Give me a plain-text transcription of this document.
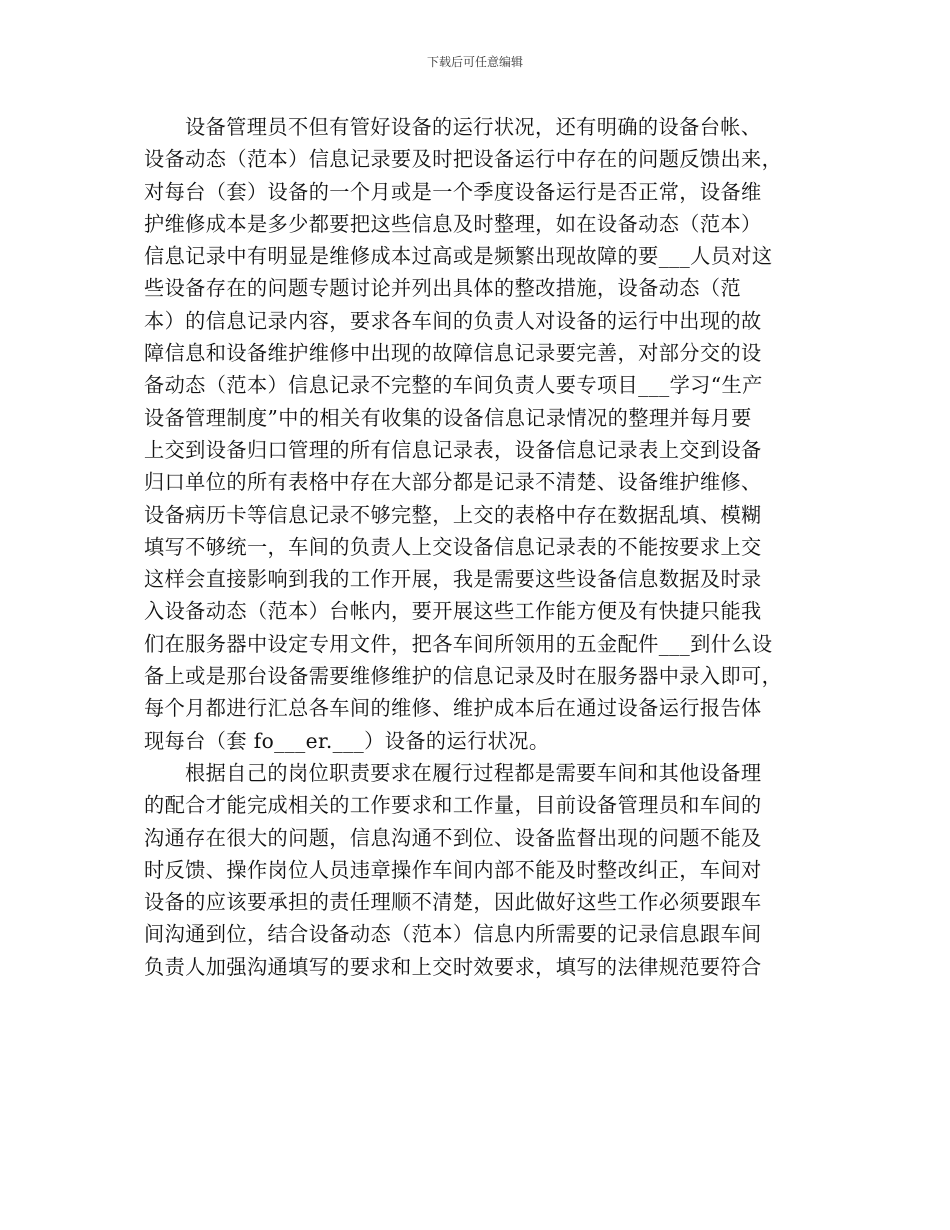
下载后可任意编辑
设备管理员不但有管好设备的运行状况，还有明确的设备台帐、
设备动态（范本）信息记录要及时把设备运行中存在的问题反馈出来，
对每台（套）设备的一个月或是一个季度设备运行是否正常，设备维
护维修成本是多少都要把这些信息及时整理，如在设备动态（范本）
信息记录中有明显是维修成本过高或是频繁出现故障的要___人员对这
些设备存在的问题专题讨论并列出具体的整改措施，设备动态（范
本）的信息记录内容，要求各车间的负责人对设备的运行中出现的故
障信息和设备维护维修中出现的故障信息记录要完善，对部分交的设
备动态（范本）信息记录不完整的车间负责人要专项目___学习“生产
设备管理制度”中的相关有收集的设备信息记录情况的整理并每月要
上交到设备归口管理的所有信息记录表，设备信息记录表上交到设备
归口单位的所有表格中存在大部分都是记录不清楚、设备维护维修、
设备病历卡等信息记录不够完整，上交的表格中存在数据乱填、模糊
填写不够统一，车间的负责人上交设备信息记录表的不能按要求上交
这样会直接影响到我的工作开展，我是需要这些设备信息数据及时录
入设备动态（范本）台帐内，要开展这些工作能方便及有快捷只能我
们在服务器中设定专用文件，把各车间所领用的五金配件___到什么设
备上或是那台设备需要维修维护的信息记录及时在服务器中录入即可，
每个月都进行汇总各车间的维修、维护成本后在通过设备运行报告体
现每台（套 fo___er.___）设备的运行状况。
根据自己的岗位职责要求在履行过程都是需要车间和其他设备理
的配合才能完成相关的工作要求和工作量，目前设备管理员和车间的
沟通存在很大的问题，信息沟通不到位、设备监督出现的问题不能及
时反馈、操作岗位人员违章操作车间内部不能及时整改纠正，车间对
设备的应该要承担的责任理顺不清楚，因此做好这些工作必须要跟车
间沟通到位，结合设备动态（范本）信息内所需要的记录信息跟车间
负责人加强沟通填写的要求和上交时效要求，填写的法律规范要符合
